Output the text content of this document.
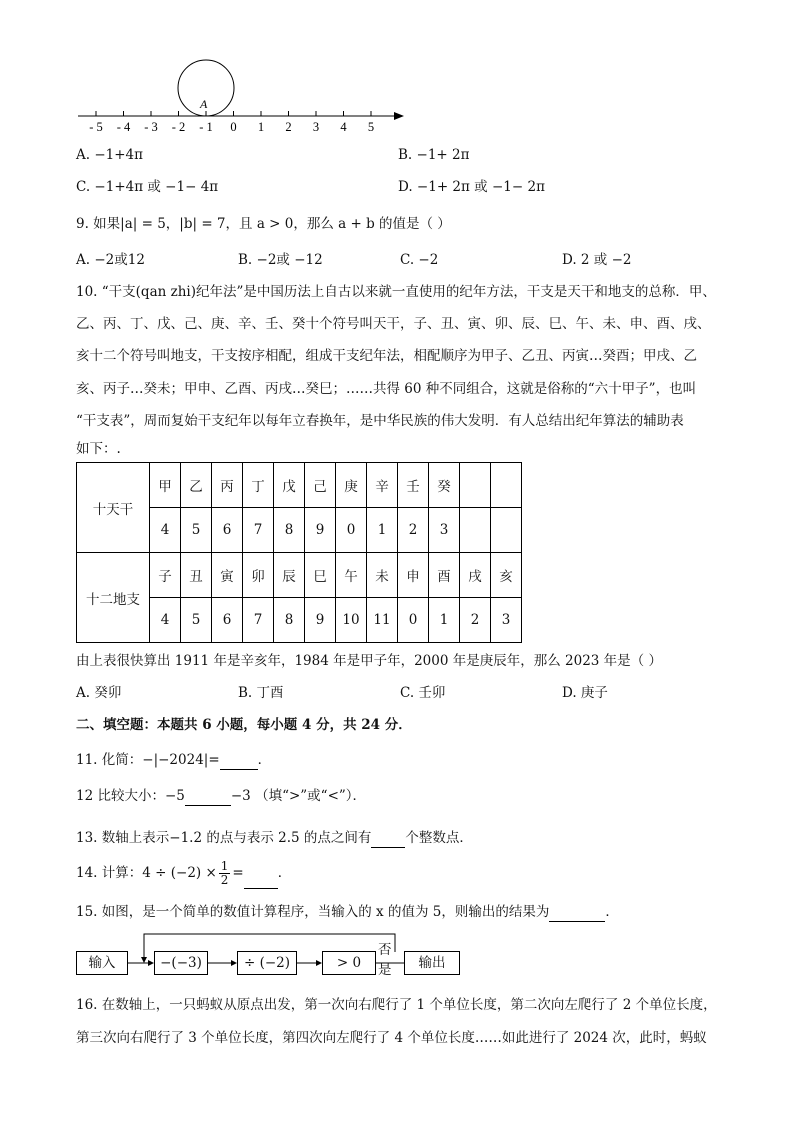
A
- 5 - 4 - 3 - 2 - 1 0 1 2 3 4 5
A. −1+4π	B. −1+ 2π
C. −1+4π 或 −1− 4π	D. −1+ 2π 或 −1− 2π
9. 如果|a| = 5，|b| = 7，且 a > 0，那么 a + b 的值是（ ）
A. −2或12	B. −2或 −12	C. −2	D. 2 或 −2
10. “干支(qan zhi)纪年法”是中国历法上自古以来就一直使用的纪年方法，干支是天干和地支的总称．甲、
乙、丙、丁、戊、己、庚、辛、壬、癸十个符号叫天干，子、丑、寅、卯、辰、巳、午、未、申、酉、戌、
亥十二个符号叫地支，干支按序相配，组成干支纪年法，相配顺序为甲子、乙丑、丙寅…癸酉；甲戌、乙
亥、丙子…癸未；甲申、乙酉、丙戌…癸巳；……共得 60 种不同组合，这就是俗称的“六十甲子”，也叫
“干支表”，周而复始干支纪年以每年立春换年，是中华民族的伟大发明．有人总结出纪年算法的辅助表
如下：.
十天干	甲	乙	丙	丁	戊	己	庚	辛	壬	癸		
	4	5	6	7	8	9	0	1	2	3		
十二地支	子	丑	寅	卯	辰	巳	午	未	申	酉	戌	亥
	4	5	6	7	8	9	10	11	0	1	2	3
由上表很快算出 1911 年是辛亥年，1984 年是甲子年，2000 年是庚辰年，那么 2023 年是（ ）
A. 癸卯	B. 丁酉	C. 壬卯	D. 庚子
二、填空题：本题共 6 小题，每小题 4 分，共 24 分．
11. 化简：−|−2024|=	．
12 比较大小：−5	−3 （填“>”或“<”）．
13. 数轴上表示−1.2 的点与表示 2.5 的点之间有	个整数点．
14. 计算：$4 \div (-2) \times \frac{1}{2}$ =	．
15. 如图，是一个简单的数值计算程序，当输入的 x 的值为 5，则输出的结果为	．
输入	−(−3)	÷ (−2)	> 0
否
是	输出
16. 在数轴上，一只蚂蚁从原点出发，第一次向右爬行了 1 个单位长度，第二次向左爬行了 2 个单位长度，
第三次向右爬行了 3 个单位长度，第四次向左爬行了 4 个单位长度……如此进行了 2024 次，此时，蚂蚁
